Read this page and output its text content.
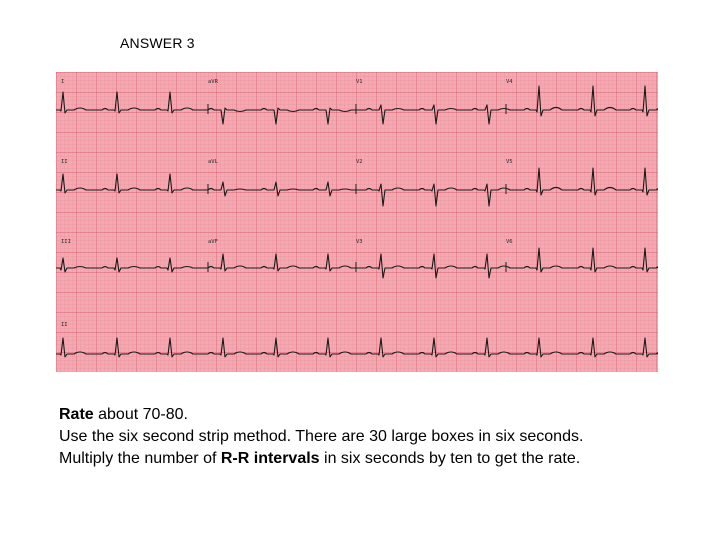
ANSWER 3
I	aVR	V1	V4
II	aVL	V2	V5
III	aVF	V3	V6
II

Rate about 70-80.

Use the six second strip method. There are 30 large boxes in six seconds.

Multiply the number of R-R intervals in six seconds by ten to get the rate.
